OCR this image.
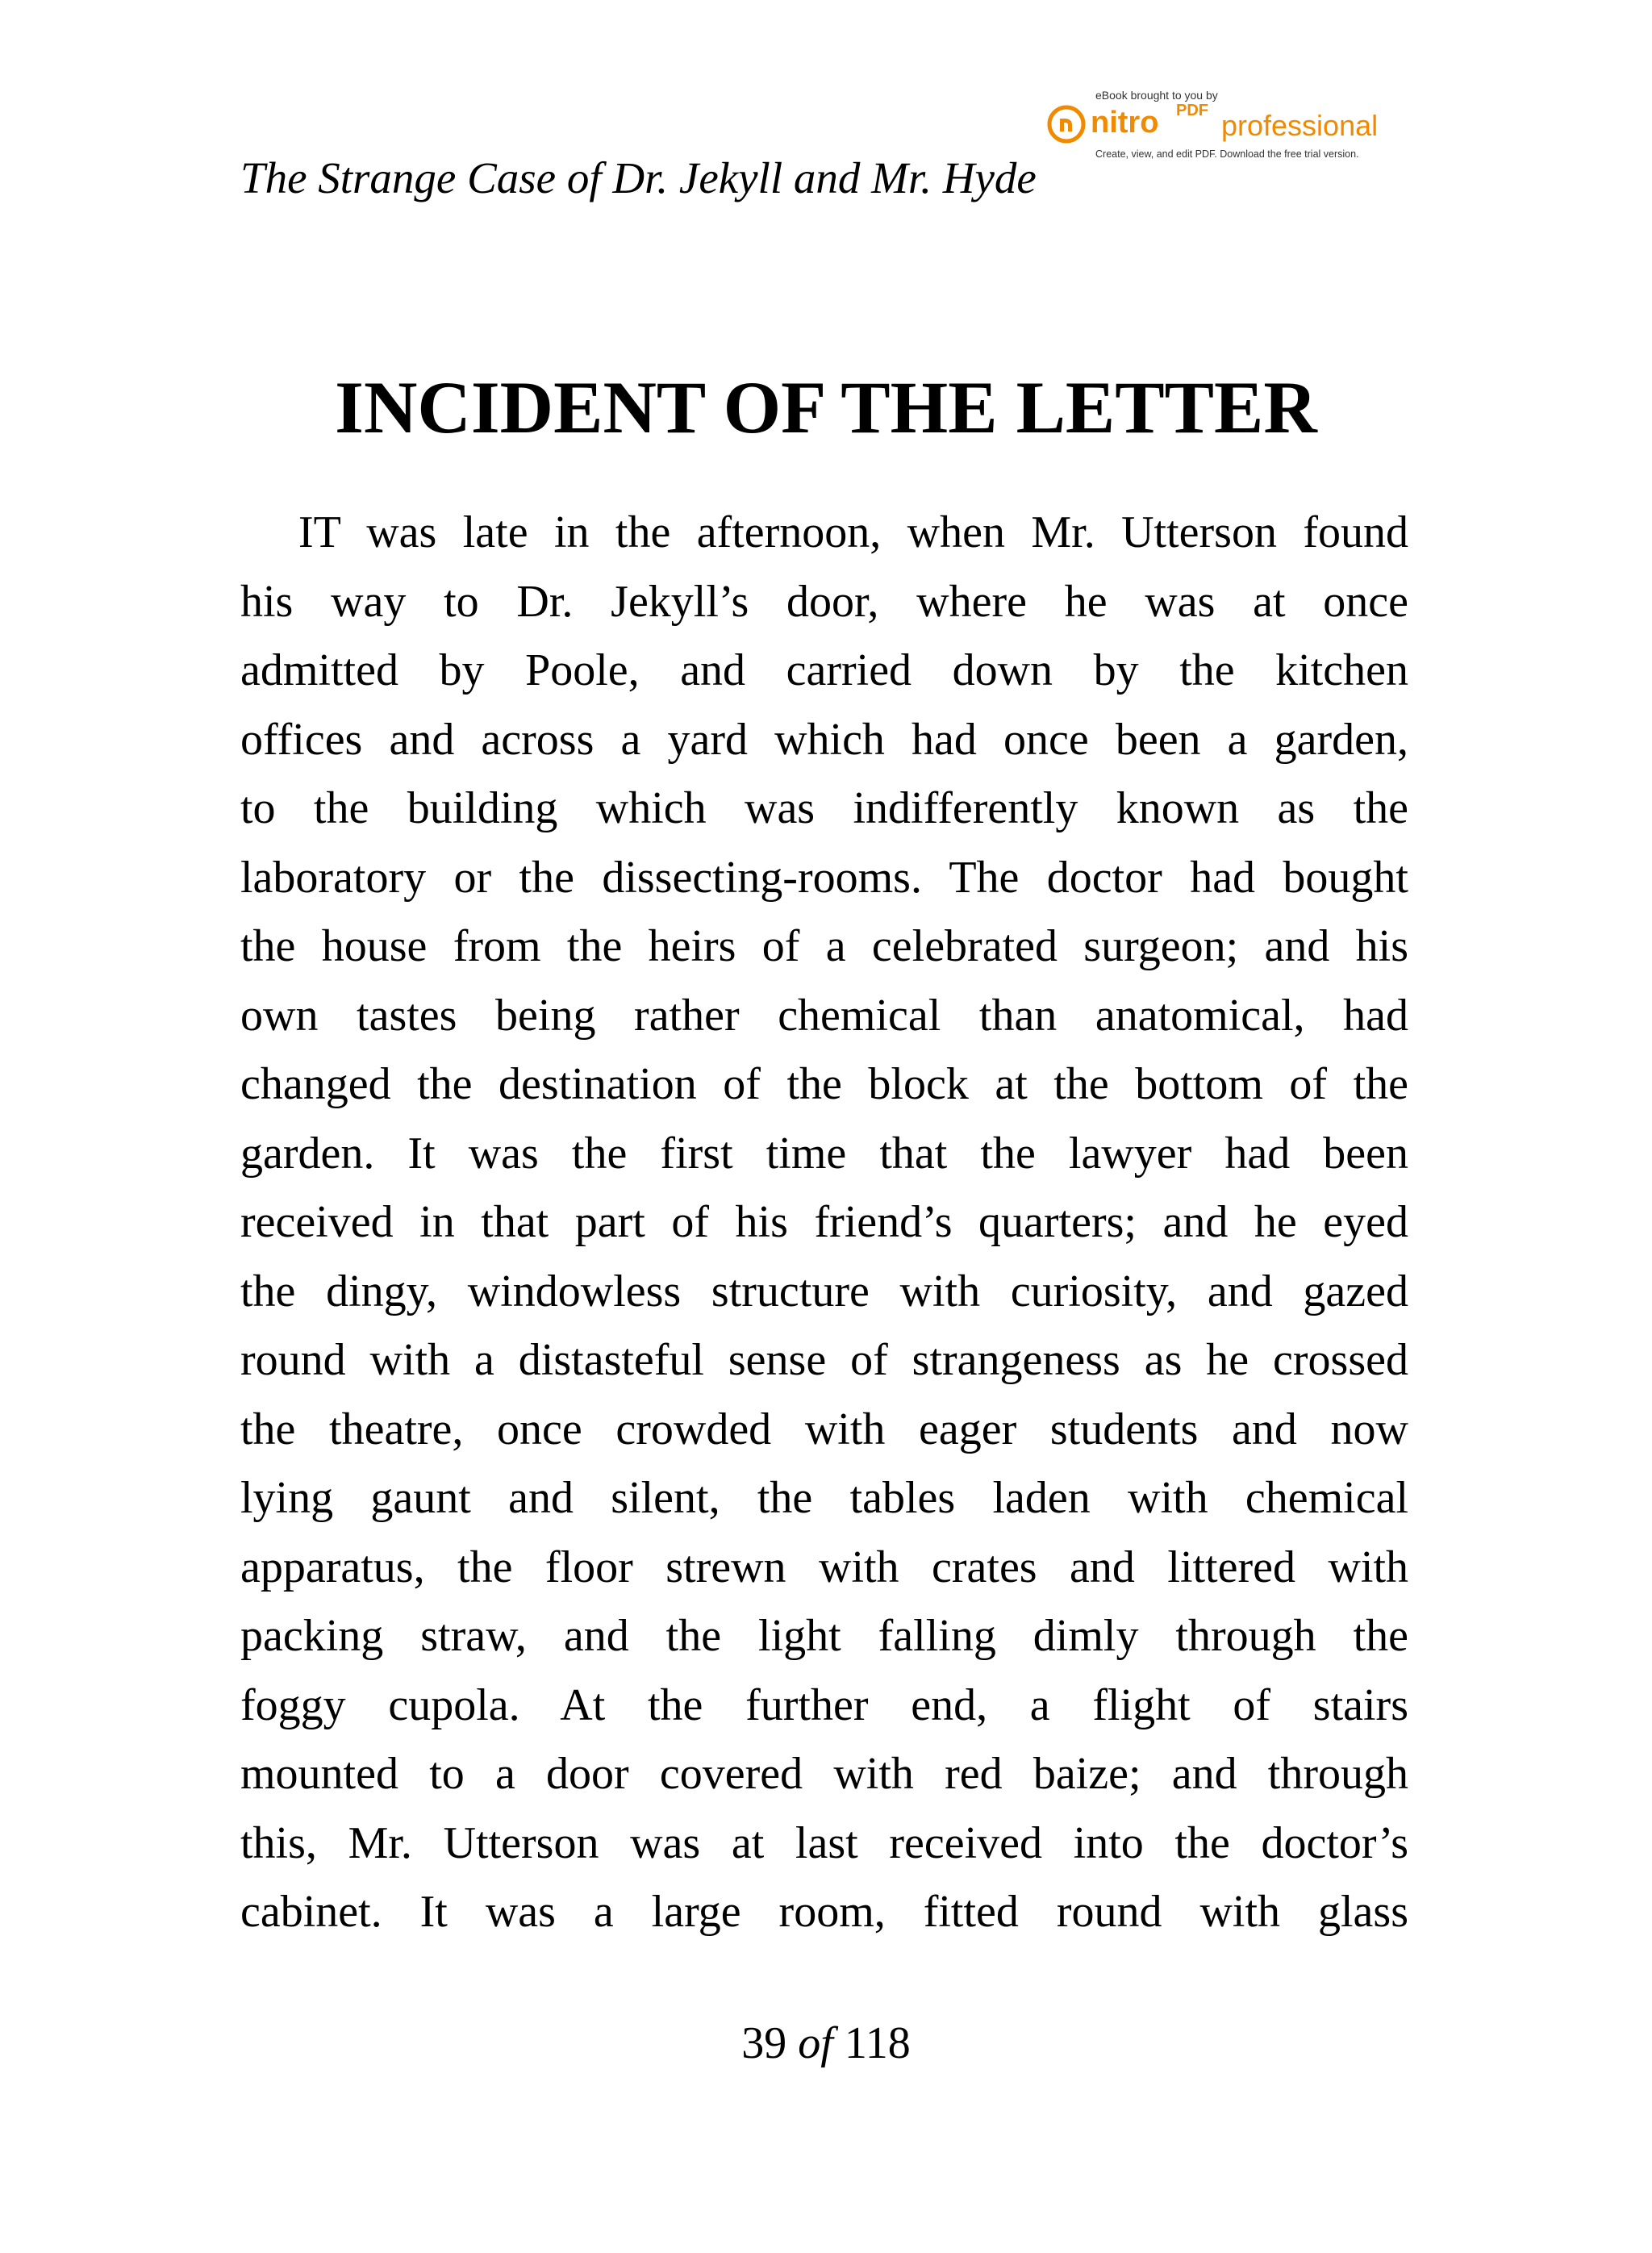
The Strange Case of Dr. Jekyll and Mr. Hyde
eBook brought to you by
nitro PDF professional
Create, view, and edit PDF. Download the free trial version.
INCIDENT OF THE LETTER
IT was late in the afternoon, when Mr. Utterson found
his way to Dr. Jekyll’s door, where he was at once
admitted by Poole, and carried down by the kitchen
offices and across a yard which had once been a garden,
to the building which was indifferently known as the
laboratory or the dissecting-rooms. The doctor had bought
the house from the heirs of a celebrated surgeon; and his
own tastes being rather chemical than anatomical, had
changed the destination of the block at the bottom of the
garden. It was the first time that the lawyer had been
received in that part of his friend’s quarters; and he eyed
the dingy, windowless structure with curiosity, and gazed
round with a distasteful sense of strangeness as he crossed
the theatre, once crowded with eager students and now
lying gaunt and silent, the tables laden with chemical
apparatus, the floor strewn with crates and littered with
packing straw, and the light falling dimly through the
foggy cupola. At the further end, a flight of stairs
mounted to a door covered with red baize; and through
this, Mr. Utterson was at last received into the doctor’s
cabinet. It was a large room, fitted round with glass
39 of 118
